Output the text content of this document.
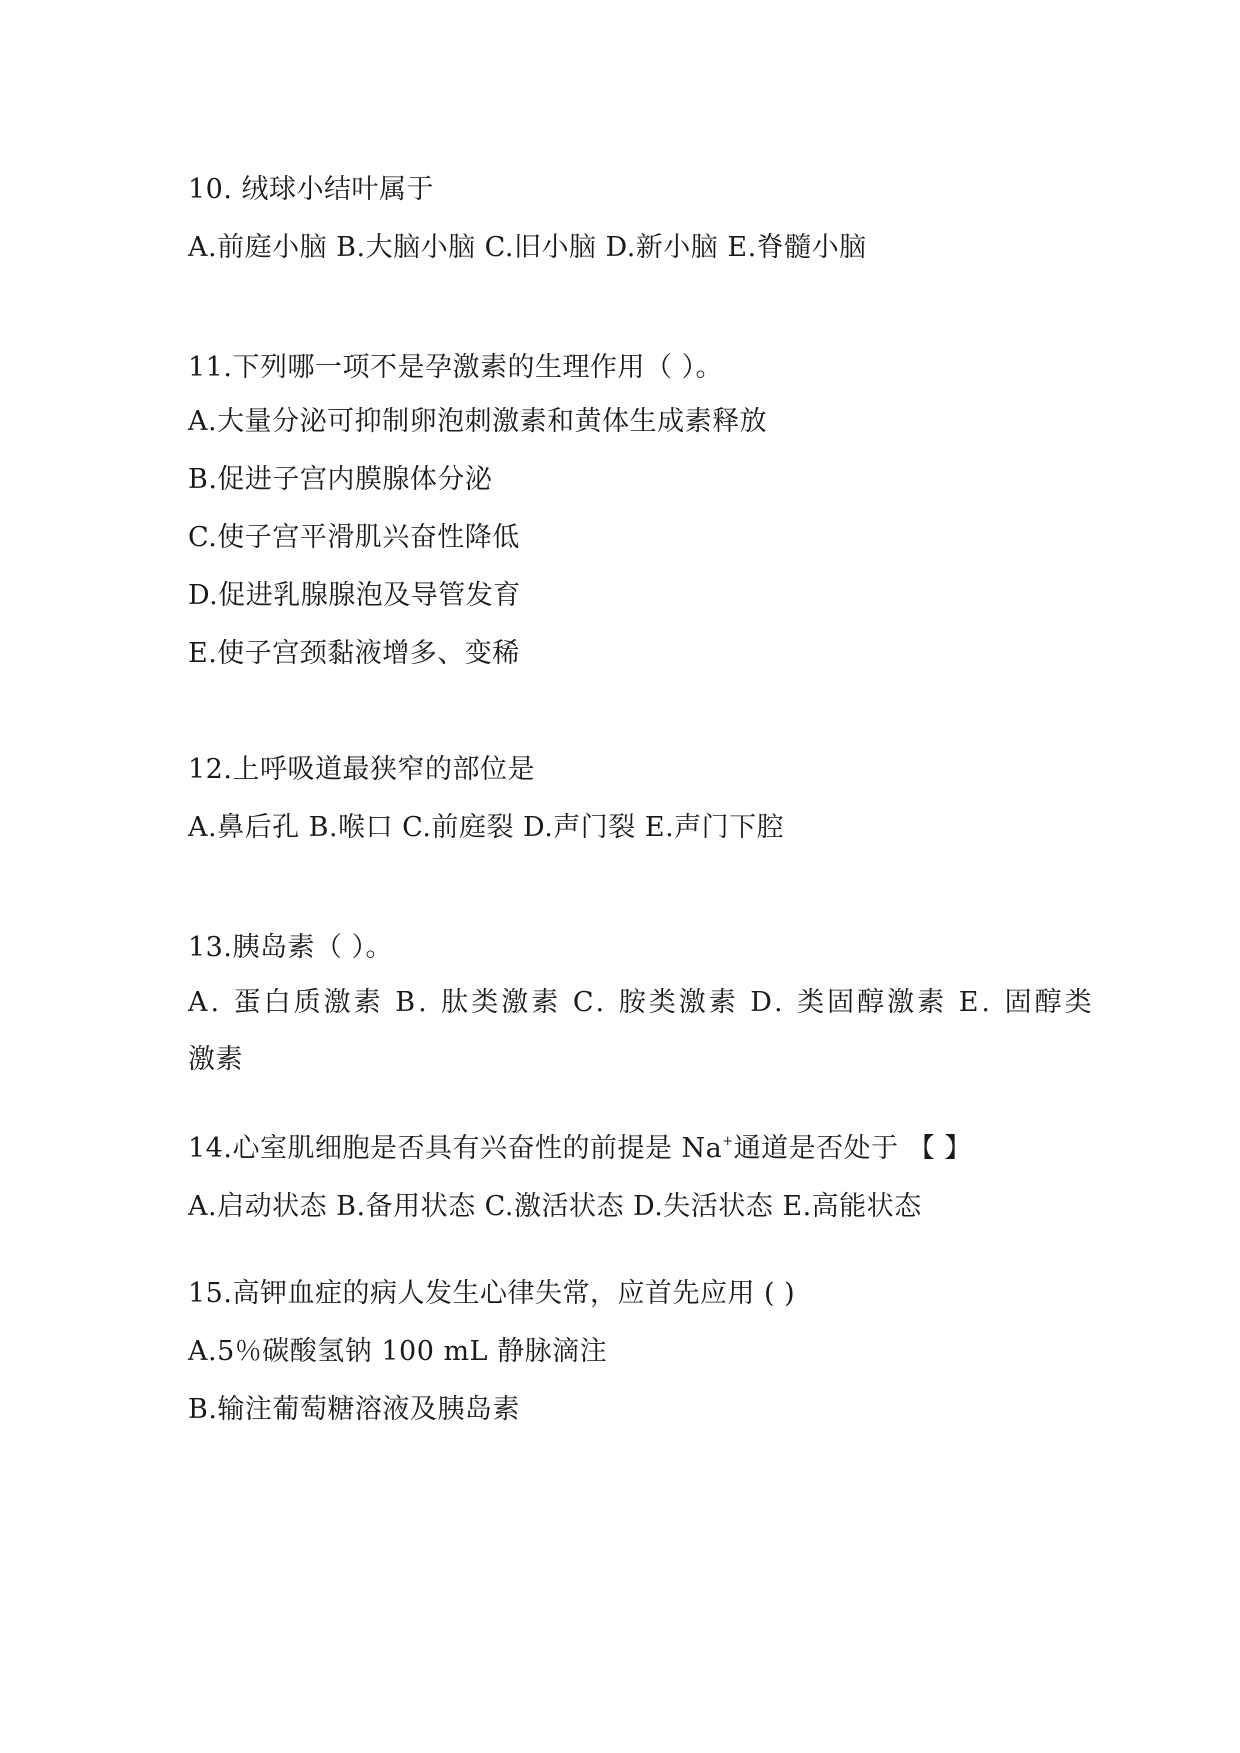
10. 绒球小结叶属于
A.前庭小脑 B.大脑小脑 C.旧小脑 D.新小脑 E.脊髓小脑
11.下列哪一项不是孕激素的生理作用（ ）。
A.大量分泌可抑制卵泡刺激素和黄体生成素释放
B.促进子宫内膜腺体分泌
C.使子宫平滑肌兴奋性降低
D.促进乳腺腺泡及导管发育
E.使子宫颈黏液增多、变稀
12.上呼吸道最狭窄的部位是
A.鼻后孔 B.喉口 C.前庭裂 D.声门裂 E.声门下腔
13.胰岛素（ ）。
A. 蛋白质激素 B. 肽类激素 C. 胺类激素 D. 类固醇激素 E. 固醇类
激素
14.心室肌细胞是否具有兴奋性的前提是 Na+通道是否处于 【 】
A.启动状态 B.备用状态 C.激活状态 D.失活状态 E.高能状态
15.高钾血症的病人发生心律失常，应首先应用 ( )
A.5％碳酸氢钠 100 mL 静脉滴注
B.输注葡萄糖溶液及胰岛素
